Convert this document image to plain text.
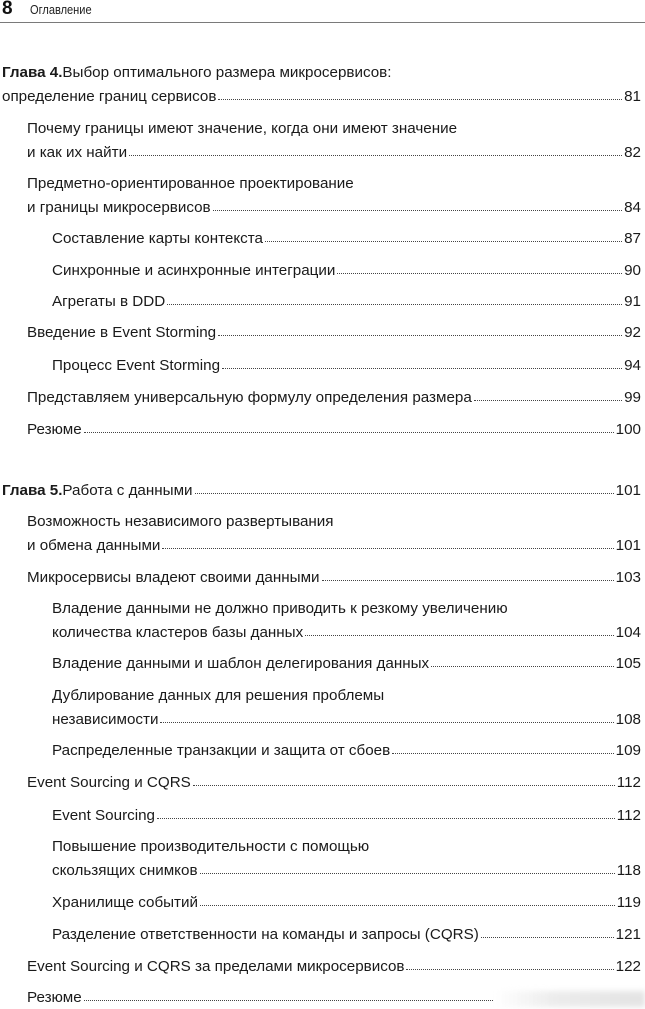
8 Оглавление
Глава 4. Выбор оптимального размера микросервисов:
определение границ сервисов	81
Почему границы имеют значение, когда они имеют значение
и как их найти	82
Предметно-ориентированное проектирование
и границы микросервисов	84
Составление карты контекста	87
Синхронные и асинхронные интеграции	90
Агрегаты в DDD	91
Введение в Event Storming	92
Процесс Event Storming	94
Представляем универсальную формулу определения размера	99
Резюме	100
Глава 5. Работа с данными	101
Возможность независимого развертывания
и обмена данными	101
Микросервисы владеют своими данными	103
Владение данными не должно приводить к резкому увеличению
количества кластеров базы данных	104
Владение данными и шаблон делегирования данных	105
Дублирование данных для решения проблемы
независимости	108
Распределенные транзакции и защита от сбоев	109
Event Sourcing и CQRS	112
Event Sourcing	112
Повышение производительности с помощью
скользящих снимков	118
Хранилище событий	119
Разделение ответственности на команды и запросы (CQRS)	121
Event Sourcing и CQRS за пределами микросервисов	122
Резюме
